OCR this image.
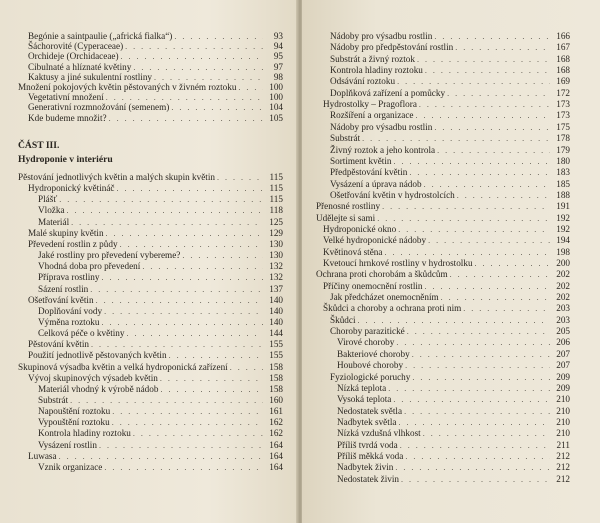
ČÁST III.
Hydroponie v interiéru
Begónie a saintpaulie („africká fialka“) . . .	93
Šáchorovité (Cyperaceae) . . .	94
Orchideje (Orchidaceae) . . .	95
Cibulnaté a hlíznaté květiny . . .	97
Kaktusy a jiné sukulentní rostliny . . .	98
Množení pokojových květin pěstovaných v živném roztoku . . .	100
Vegetativní množení . . .	100
Generativní rozmnožování (semenem) . . .	104
Kde budeme množit? . . .	105
Pěstování jednotlivých květin a malých skupin květin . . .	115
Hydroponický květináč . . .	115
Plášť . . .	115
Vložka . . .	118
Materiál . . .	125
Malé skupiny květin . . .	129
Převedení rostlin z půdy . . .	130
Jaké rostliny pro převedení vybereme? . . .	130
Vhodná doba pro převedení . . .	132
Příprava rostliny . . .	132
Sázení rostlin . . .	137
Ošetřování květin . . .	140
Doplňování vody . . .	140
Výměna roztoku . . .	140
Celková péče o květiny . . .	144
Pěstování květin . . .	155
Použití jednotlivě pěstovaných květin . . .	155
Skupinová výsadba květin a velká hydroponická zařízení . . .	158
Vývoj skupinových výsadeb květin . . .	158
Materiál vhodný k výrobě nádob . . .	158
Substrát . . .	160
Napouštění roztoku . . .	161
Vypouštění roztoku . . .	162
Kontrola hladiny roztoku . . .	162
Vysázení rostlin . . .	164
Luwasa . . .	164
Vznik organizace . . .	164
Nádoby pro výsadbu rostlin . . .	166
Nádoby pro předpěstování rostlin . . .	167
Substrát a živný roztok . . .	168
Kontrola hladiny roztoku . . .	168
Odsávání roztoku . . .	169
Doplňková zařízení a pomůcky . . .	172
Hydrostolky – Pragoflora . . .	173
Rozšíření a organizace . . .	173
Nádoby pro výsadbu rostlin . . .	175
Substrát . . .	178
Živný roztok a jeho kontrola . . .	179
Sortiment květin . . .	180
Předpěstování květin . . .	183
Vysázení a úprava nádob . . .	185
Ošetřování květin v hydrostolcích . . .	188
Přenosné rostliny . . .	191
Udělejte si sami . . .	192
Hydroponické okno . . .	192
Velké hydroponické nádoby . . .	194
Květinová stěna . . .	198
Kvetoucí hrnkové rostliny v hydrostolku . . .	200
Ochrana proti chorobám a škůdcům . . .	202
Příčiny onemocnění rostlin . . .	202
Jak předcházet onemocněním . . .	202
Škůdci a choroby a ochrana proti nim . . .	203
Škůdci . . .	203
Choroby parazitické . . .	205
Virové choroby . . .	206
Bakteriové choroby . . .	207
Houbové choroby . . .	207
Fyziologické poruchy . . .	209
Nízká teplota . . .	209
Vysoká teplota . . .	210
Nedostatek světla . . .	210
Nadbytek světla . . .	210
Nízká vzdušná vlhkost . . .	210
Příliš tvrdá voda . . .	211
Příliš měkká voda . . .	212
Nadbytek živin . . .	212
Nedostatek živin . . .	212
